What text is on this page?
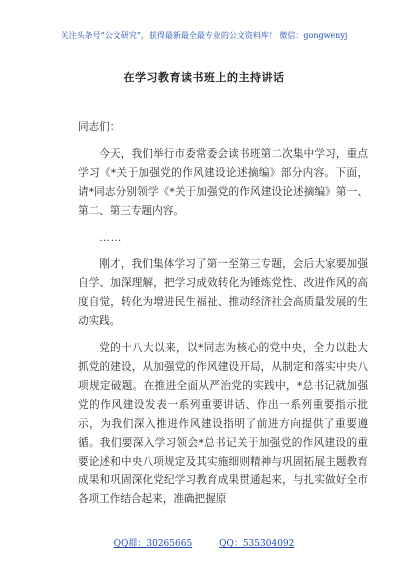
关注头条号“公文研究”，获得最新最全最专业的公文资料库！ 微信：gongwenyj
在学习教育读书班上的主持讲话

同志们：

今天，我们举行市委常委会读书班第二次集中学习，重点学习《*关于加强党的作风建设论述摘编》部分内容。下面，请*同志分别领学《*关于加强党的作风建设论述摘编》第一、第二、第三专题内容。

……

刚才，我们集体学习了第一至第三专题，会后大家要加强自学、加深理解，把学习成效转化为锤炼党性、改进作风的高度自觉，转化为增进民生福祉、推动经济社会高质量发展的生动实践。

党的十八大以来，以*同志为核心的党中央，全力以赴大抓党的建设，从加强党的作风建设开局，从制定和落实中央八项规定破题。在推进全面从严治党的实践中，*总书记就加强党的作风建设发表一系列重要讲话、作出一系列重要指示批示，为我们深入推进作风建设指明了前进方向提供了重要遵循。我们要深入学习领会*总书记关于加强党的作风建设的重要论述和中央八项规定及其实施细则精神与巩固拓展主题教育成果和巩固深化党纪学习教育成果贯通起来，与扎实做好全市各项工作结合起来，准确把握原

QQ群：30265665	QQ：535304092
